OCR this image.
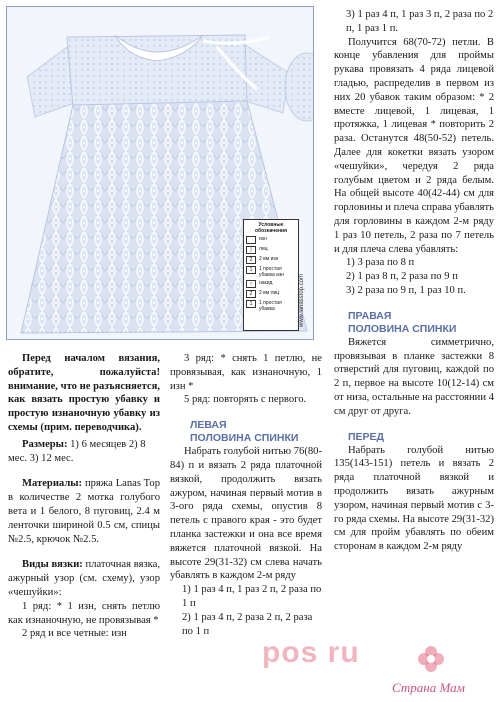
Условные обозначения
изн
|	лиц
2	2 вм изн
1	1 простая убавка изн
○	накид
2	2 вм лиц
1	1 простая убавка	www.lanasstop.com

Перед началом вязания, обратите, пожалуйста! внимание, что не разъясняется, как вязать простую убавку и простую изнаночную убавку из схемы (прим. переводчика).

Размеры: 1) 6 месяцев 2) 8 мес. 3) 12 мес.

Материалы: пряжа Lanas Top в количестве 2 мотка голубого вета и 1 белого, 8 пуговиц, 2.4 м ленточки шириной 0.5 см, спицы №2.5, крючок №2.5.

Виды вязки: платочная вязка, ажурный узор (см. схему), узор «чешуйки»:

1 ряд: * 1 изн, снять петлю как изнаночную, не провязывая *

2 ряд и все четные: изн

3 ряд: * снять 1 петлю, не провязывая, как изнаночную, 1 изн *

5 ряд: повторять с первого.

ЛЕВАЯ

ПОЛОВИНА СПИНКИ

Набрать голубой нитью 76(80-84) п и вязать 2 ряда платочной вязкой, продолжить вязать ажуром, начиная первый мотив в 3-ого ряда схемы, опустив 8 петель с правого края - это будет планка застежки и она все время вяжется платочной вязкой. На высоте 29(31-32) см слева начать убавлять в каждом 2-м ряду

1) 1 раз 4 п, 1 раз 2 п, 2 раза по 1 п

2) 1 раз 4 п, 2 раза 2 п, 2 раза по 1 п

3) 1 раз 4 п, 1 раз 3 п, 2 раза по 2 п, 1 раз 1 п.

Получится 68(70-72) петли. В конце убавления для проймы рукава провязать 4 ряда лицевой гладью, распределив в первом из них 20 убавок таким образом: * 2 вместе лицевой, 1 лицевая, 1 протяжка, 1 лицевая * повторить 2 раза. Останутся 48(50-52) петель. Далее для кокетки вязать узором «чешуйки», чередуя 2 ряда голубым цветом и 2 ряда белым. На общей высоте 40(42-44) см для горловины и плеча справа убавлять для горловины в каждом 2-м ряду 1 раз 10 петель, 2 раза по 7 петель и для плеча слева убавлять:

1) 3 раза по 8 п

2) 1 раз 8 п, 2 раза по 9 п

3) 2 раза по 9 п, 1 раз 10 п.

ПРАВАЯ

ПОЛОВИНА СПИНКИ

Вяжется симметрично, провязывая в планке застежки 8 отверстий для пуговиц, каждой по 2 п, первое на высоте 10(12-14) см от низа, остальные на расстоянии 4 см друг от друга.

ПЕРЕД

Набрать голубой нитью 135(143-151) петель и вязать 2 ряда платочной вязкой и продолжить вязать ажурным узором, начиная первый мотив с 3-го ряда схемы. На высоте 29(31-32) см для пройм убавлять по обеим сторонам в каждом 2-м ряду

pos ru
Страна Мам
